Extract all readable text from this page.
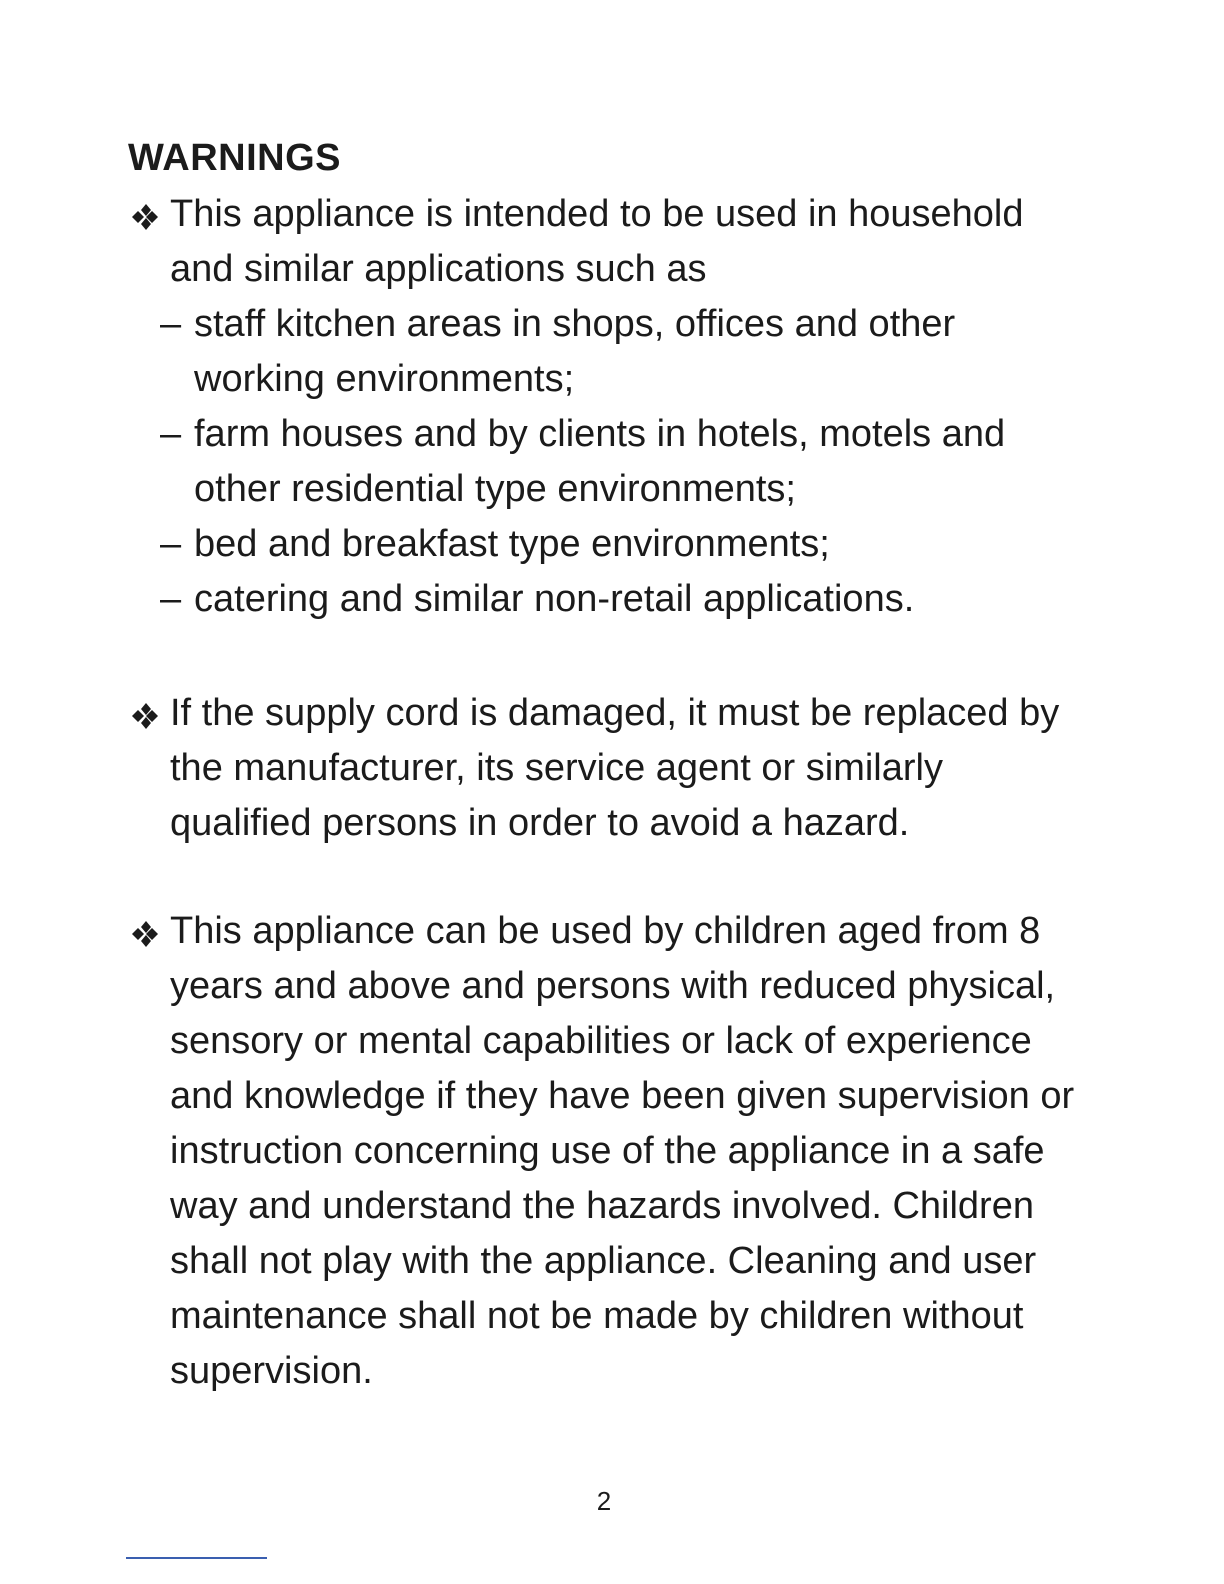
WARNINGS
This appliance is intended to be used in household and similar applications such as
– staff kitchen areas in shops, offices and other working environments;
– farm houses and by clients in hotels, motels and other residential type environments;
– bed and breakfast type environments;
– catering and similar non-retail applications.
If the supply cord is damaged, it must be replaced by the manufacturer, its service agent or similarly qualified persons in order to avoid a hazard.
This appliance can be used by children aged from 8 years and above and persons with reduced physical, sensory or mental capabilities or lack of experience and knowledge if they have been given supervision or instruction concerning use of the appliance in a safe way and understand the hazards involved. Children shall not play with the appliance. Cleaning and user maintenance shall not be made by children without supervision.
2
